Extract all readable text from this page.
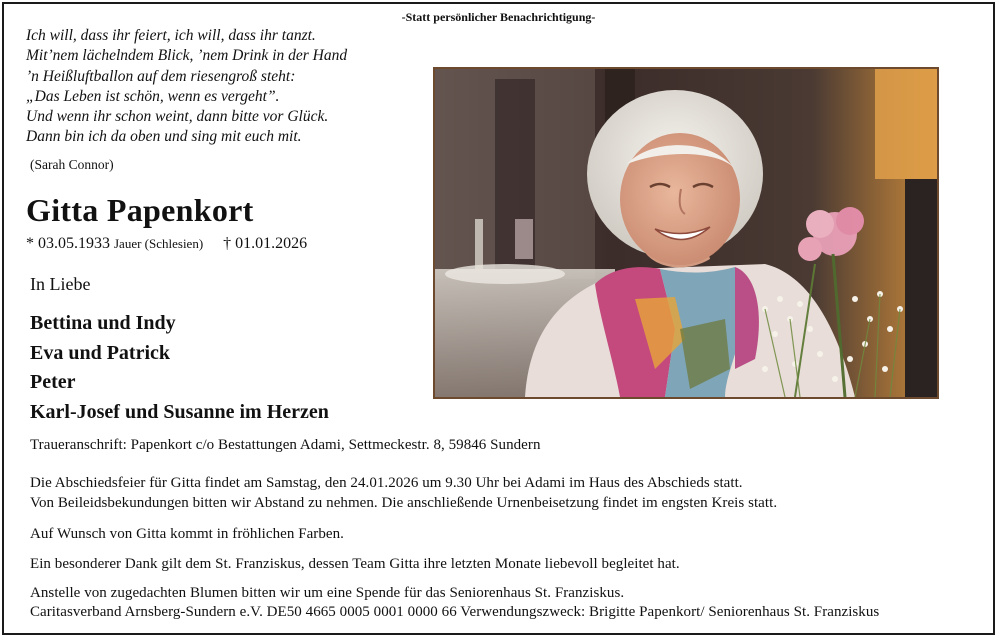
-Statt persönlicher Benachrichtigung-
Ich will, dass ihr feiert, ich will, dass ihr tanzt.
Mit’nem lächelndem Blick, ’nem Drink in der Hand
’n Heißluftballon auf dem riesengroß steht:
„Das Leben ist schön, wenn es vergeht”.
Und wenn ihr schon weint, dann bitte vor Glück.
Dann bin ich da oben und sing mit euch mit.
(Sarah Connor)
Gitta Papenkort
* 03.05.1933 Jauer (Schlesien) † 01.01.2026
In Liebe
Bettina und Indy
Eva und Patrick
Peter
Karl-Josef und Susanne im Herzen
Traueranschrift: Papenkort c/o Bestattungen Adami, Settmeckestr. 8, 59846 Sundern
Die Abschiedsfeier für Gitta findet am Samstag, den 24.01.2026 um 9.30 Uhr bei Adami im Haus des Abschieds statt.
Von Beileidsbekundungen bitten wir Abstand zu nehmen. Die anschließende Urnenbeisetzung findet im engsten Kreis statt.
Auf Wunsch von Gitta kommt in fröhlichen Farben.
Ein besonderer Dank gilt dem St. Franziskus, dessen Team Gitta ihre letzten Monate liebevoll begleitet hat.
Anstelle von zugedachten Blumen bitten wir um eine Spende für das Seniorenhaus St. Franziskus.
Caritasverband Arnsberg-Sundern e.V. DE50 4665 0005 0001 0000 66 Verwendungszweck: Brigitte Papenkort/ Seniorenhaus St. Franziskus
